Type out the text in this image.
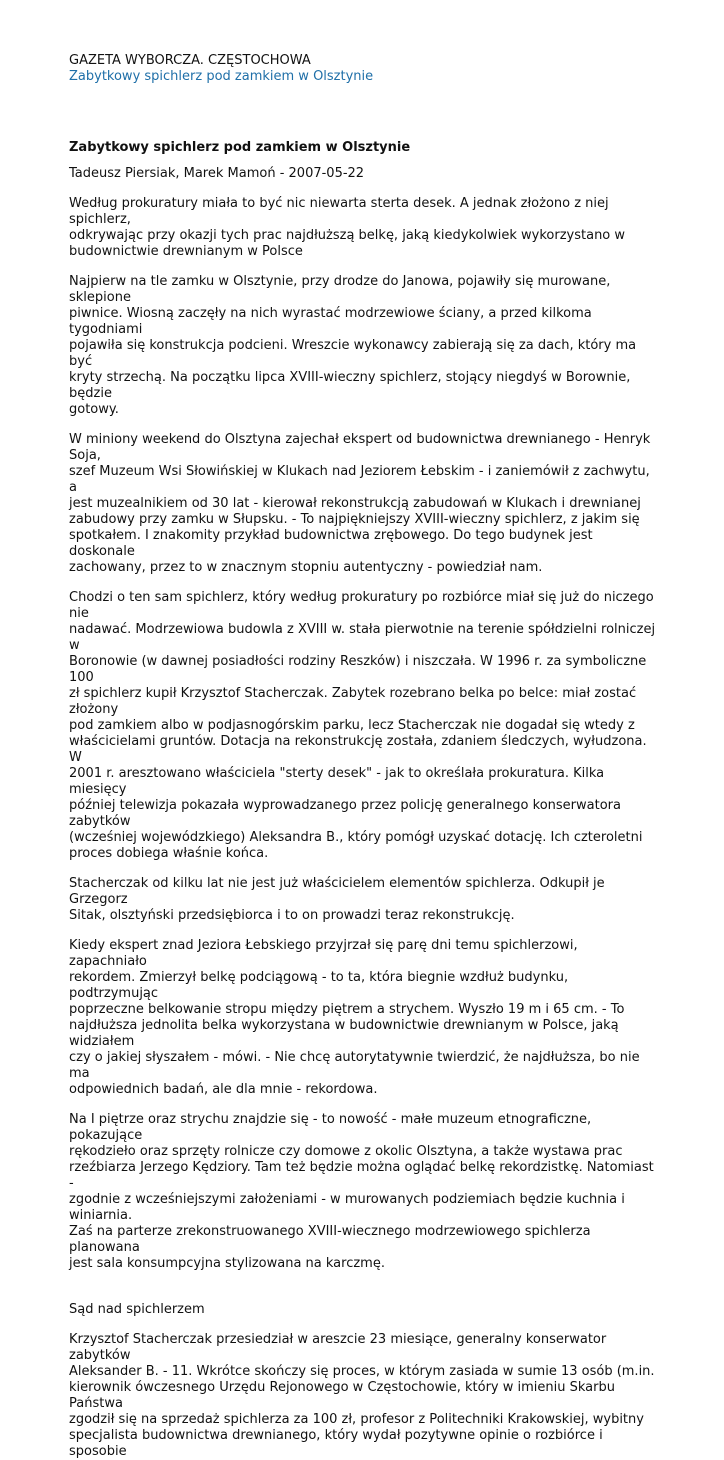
GAZETA WYBORCZA. CZĘSTOCHOWA

Zabytkowy spichlerz pod zamkiem w Olsztynie

Zabytkowy spichlerz pod zamkiem w Olsztynie

Tadeusz Piersiak, Marek Mamoń - 2007-05-22

Według prokuratury miała to być nic niewarta sterta desek. A jednak złożono z niej spichlerz,
odkrywając przy okazji tych prac najdłuższą belkę, jaką kiedykolwiek wykorzystano w
budownictwie drewnianym w Polsce

Najpierw na tle zamku w Olsztynie, przy drodze do Janowa, pojawiły się murowane, sklepione
piwnice. Wiosną zaczęły na nich wyrastać modrzewiowe ściany, a przed kilkoma tygodniami
pojawiła się konstrukcja podcieni. Wreszcie wykonawcy zabierają się za dach, który ma być
kryty strzechą. Na początku lipca XVIII-wieczny spichlerz, stojący niegdyś w Borownie, będzie
gotowy.

W miniony weekend do Olsztyna zajechał ekspert od budownictwa drewnianego - Henryk Soja,
szef Muzeum Wsi Słowińskiej w Klukach nad Jeziorem Łebskim - i zaniemówił z zachwytu, a
jest muzealnikiem od 30 lat - kierował rekonstrukcją zabudowań w Klukach i drewnianej
zabudowy przy zamku w Słupsku. - To najpiękniejszy XVIII-wieczny spichlerz, z jakim się
spotkałem. I znakomity przykład budownictwa zrębowego. Do tego budynek jest doskonale
zachowany, przez to w znacznym stopniu autentyczny - powiedział nam.

Chodzi o ten sam spichlerz, który według prokuratury po rozbiórce miał się już do niczego nie
nadawać. Modrzewiowa budowla z XVIII w. stała pierwotnie na terenie spółdzielni rolniczej w
Boronowie (w dawnej posiadłości rodziny Reszków) i niszczała. W 1996 r. za symboliczne 100
zł spichlerz kupił Krzysztof Stacherczak. Zabytek rozebrano belka po belce: miał zostać złożony
pod zamkiem albo w podjasnogórskim parku, lecz Stacherczak nie dogadał się wtedy z
właścicielami gruntów. Dotacja na rekonstrukcję została, zdaniem śledczych, wyłudzona. W
2001 r. aresztowano właściciela "sterty desek" - jak to określała prokuratura. Kilka miesięcy
później telewizja pokazała wyprowadzanego przez policję generalnego konserwatora zabytków
(wcześniej wojewódzkiego) Aleksandra B., który pomógł uzyskać dotację. Ich czteroletni
proces dobiega właśnie końca.

Stacherczak od kilku lat nie jest już właścicielem elementów spichlerza. Odkupił je Grzegorz
Sitak, olsztyński przedsiębiorca i to on prowadzi teraz rekonstrukcję.

Kiedy ekspert znad Jeziora Łebskiego przyjrzał się parę dni temu spichlerzowi, zapachniało
rekordem. Zmierzył belkę podciągową - to ta, która biegnie wzdłuż budynku, podtrzymując
poprzeczne belkowanie stropu między piętrem a strychem. Wyszło 19 m i 65 cm. - To
najdłuższa jednolita belka wykorzystana w budownictwie drewnianym w Polsce, jaką widziałem
czy o jakiej słyszałem - mówi. - Nie chcę autorytatywnie twierdzić, że najdłuższa, bo nie ma
odpowiednich badań, ale dla mnie - rekordowa.

Na I piętrze oraz strychu znajdzie się - to nowość - małe muzeum etnograficzne, pokazujące
rękodzieło oraz sprzęty rolnicze czy domowe z okolic Olsztyna, a także wystawa prac
rzeźbiarza Jerzego Kędziory. Tam też będzie można oglądać belkę rekordzistkę. Natomiast -
zgodnie z wcześniejszymi założeniami - w murowanych podziemiach będzie kuchnia i winiarnia.
Zaś na parterze zrekonstruowanego XVIII-wiecznego modrzewiowego spichlerza planowana
jest sala konsumpcyjna stylizowana na karczmę.

Sąd nad spichlerzem

Krzysztof Stacherczak przesiedział w areszcie 23 miesiące, generalny konserwator zabytków
Aleksander B. - 11. Wkrótce skończy się proces, w którym zasiada w sumie 13 osób (m.in.
kierownik ówczesnego Urzędu Rejonowego w Częstochowie, który w imieniu Skarbu Państwa
zgodził się na sprzedaż spichlerza za 100 zł, profesor z Politechniki Krakowskiej, wybitny
specjalista budownictwa drewnianego, który wydał pozytywne opinie o rozbiórce i sposobie
